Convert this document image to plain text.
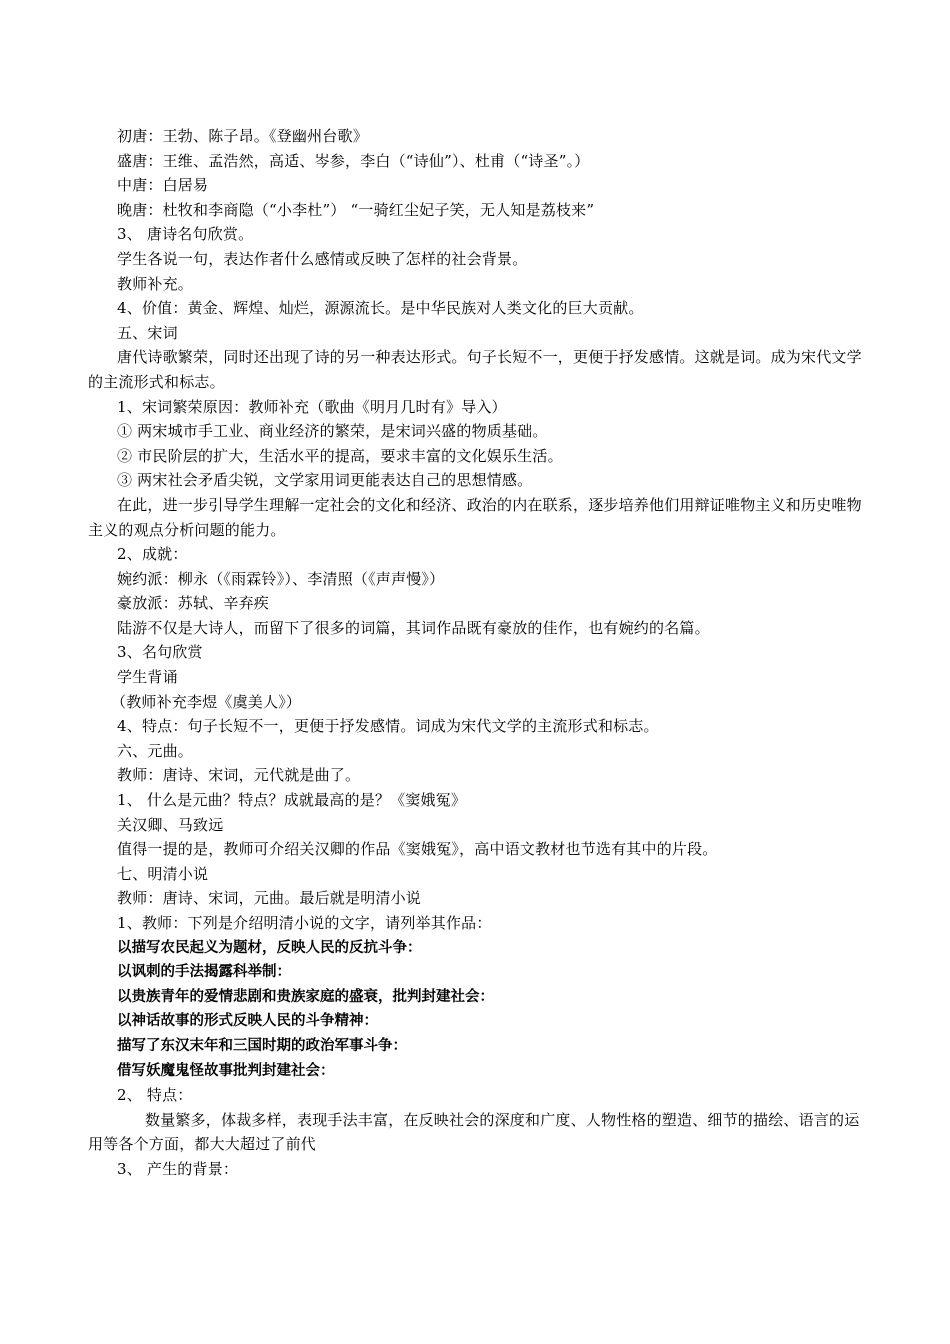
初唐：王勃、陈子昂。《登幽州台歌》
盛唐：王维、孟浩然，高适、岑参，李白（“诗仙”）、杜甫（“诗圣”。）
中唐：白居易
晚唐：杜牧和李商隐（“小李杜”） “一骑红尘妃子笑，无人知是荔枝来”
3、 唐诗名句欣赏。
学生各说一句，表达作者什么感情或反映了怎样的社会背景。
教师补充。
4、价值：黄金、辉煌、灿烂，源源流长。是中华民族对人类文化的巨大贡献。
五、宋词
唐代诗歌繁荣，同时还出现了诗的另一种表达形式。句子长短不一，更便于抒发感情。这就是词。成为宋代文学的主流形式和标志。
1、宋词繁荣原因：教师补充（歌曲《明月几时有》导入）
① 两宋城市手工业、商业经济的繁荣，是宋词兴盛的物质基础。
② 市民阶层的扩大，生活水平的提高，要求丰富的文化娱乐生活。
③ 两宋社会矛盾尖锐，文学家用词更能表达自己的思想情感。
在此，进一步引导学生理解一定社会的文化和经济、政治的内在联系，逐步培养他们用辩证唯物主义和历史唯物主义的观点分析问题的能力。
2、成就：
婉约派：柳永（《雨霖铃》）、李清照（《声声慢》）
豪放派：苏轼、辛弃疾
陆游不仅是大诗人，而留下了很多的词篇，其词作品既有豪放的佳作，也有婉约的名篇。
3、名句欣赏
学生背诵
（教师补充李煜《虞美人》）
4、特点：句子长短不一，更便于抒发感情。词成为宋代文学的主流形式和标志。
六、元曲。
教师：唐诗、宋词，元代就是曲了。
1、 什么是元曲？特点？成就最高的是？《窦娥冤》
关汉卿、马致远
值得一提的是，教师可介绍关汉卿的作品《窦娥冤》，高中语文教材也节选有其中的片段。
七、明清小说
教师：唐诗、宋词，元曲。最后就是明清小说
1、教师：下列是介绍明清小说的文字，请列举其作品：
以描写农民起义为题材，反映人民的反抗斗争：
以讽刺的手法揭露科举制：
以贵族青年的爱情悲剧和贵族家庭的盛衰，批判封建社会：
以神话故事的形式反映人民的斗争精神：
描写了东汉末年和三国时期的政治军事斗争：
借写妖魔鬼怪故事批判封建社会：
2、 特点：
数量繁多，体裁多样，表现手法丰富，在反映社会的深度和广度、人物性格的塑造、细节的描绘、语言的运用等各个方面，都大大超过了前代
3、 产生的背景：
